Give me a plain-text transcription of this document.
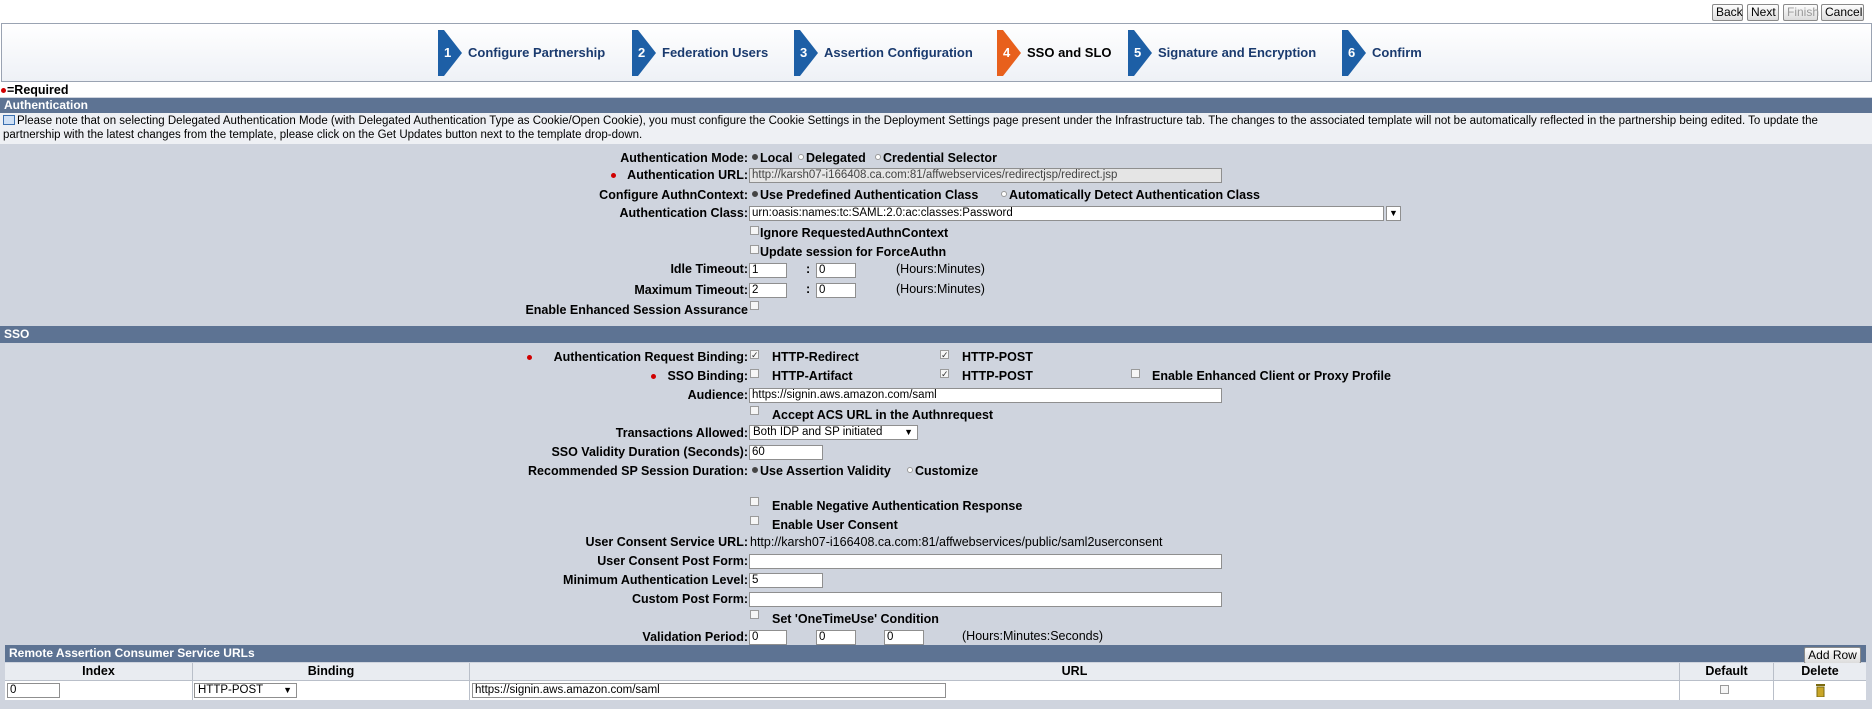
Back Next Finish Cancel
1 Configure Partnership	2 Federation Users 3 Assertion Configuration 4 SSO and SLO 5 Signature and Encryption 6 Confirm
=Required
Authentication
Please note that on selecting Delegated Authentication Mode (with Delegated Authentication Type as Cookie/Open Cookie), you must configure the Cookie Settings in the Deployment Settings page present under the Infrastructure tab. The changes to the associated template will not be automatically reflected in the partnership being edited. To update the partnership with the latest changes from the template, please click on the Get Updates button next to the template drop-down.
Authentication Mode: Local Delegated Credential Selector
Authentication URL: http://karsh07-i166408.ca.com:81/affwebservices/redirectjsp/redirect.jsp
Configure AuthnContext: Use Predefined Authentication Class Automatically Detect Authentication Class
Authentication Class: urn:oasis:names:tc:SAML:2.0:ac:classes:Password	▼
Ignore RequestedAuthnContext
Update session for ForceAuthn
Idle Timeout: 1	: 0	(Hours:Minutes)
Maximum Timeout: 2	: 0	(Hours:Minutes)
Enable Enhanced Session Assurance
SSO
Authentication Request Binding: ✓ HTTP-Redirect	✓ HTTP-POST
SSO Binding: HTTP-Artifact	✓ HTTP-POST	Enable Enhanced Client or Proxy Profile
Audience: https://signin.aws.amazon.com/saml
Accept ACS URL in the Authnrequest
Transactions Allowed: Both IDP and SP initiated ▼
SSO Validity Duration (Seconds): 60
Recommended SP Session Duration: Use Assertion Validity Customize
Enable Negative Authentication Response
Enable User Consent
User Consent Service URL: http://karsh07-i166408.ca.com:81/affwebservices/public/saml2userconsent
User Consent Post Form:
Minimum Authentication Level: 5
Custom Post Form:
Set 'OneTimeUse' Condition
Validation Period: 0	0	0	(Hours:Minutes:Seconds)
Remote Assertion Consumer Service URLs	Add Row
Index	Binding	URL	Default	Delete
0	HTTP-POST ▼	https://signin.aws.amazon.com/saml
